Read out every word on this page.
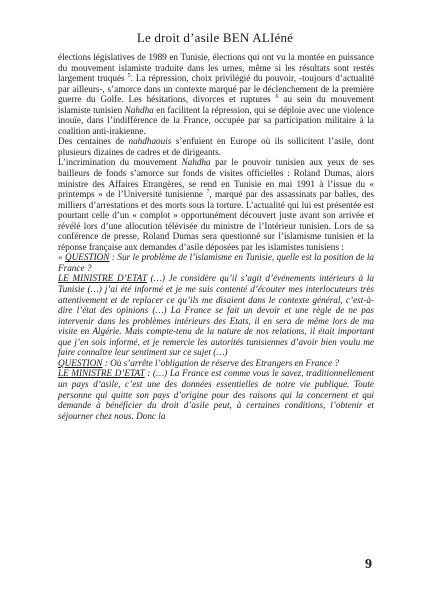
Le droit d’asile BEN ALIéné

élections législatives de 1989 en Tunisie, élections qui ont vu la montée en puissance du mouvement islamiste traduite dans les urnes, même si les résultats sont restés largement truqués $^5$. La répression, choix privilégié du pouvoir, -toujours d’actualité par ailleurs-, s’amorce dans un contexte marqué par le déclenchement de la première guerre du Golfe. Les hésitations, divorces et ruptures $^6$ au sein du mouvement islamiste tunisien Nahdha en facilitent la répression, qui se déploie avec une violence inouïe, dans l’indifférence de la France, occupée par sa participation militaire à la coalition anti-irakienne.

Des centaines de nahdhaouis s’enfuient en Europe où ils sollicitent l’asile, dont plusieurs dizaines de cadres et de dirigeants.

L’incrimination du mouvement Nahdha par le pouvoir tunisien aux yeux de ses bailleurs de fonds s’amorce sur fonds de visites officielles : Roland Dumas, alors ministre des Affaires Etrangères, se rend en Tunisie en mai 1991 à l’issue du « printemps » de l’Université tunisienne $^7$, marqué par des assassinats par balles, des milliers d’arrestations et des morts sous la torture. L’actualité qui lui est présentée est pourtant celle d’un « complot » opportunément découvert juste avant son arrivée et révélé lors d’une allocution télévisée du ministre de l’Intérieur tunisien. Lors de sa conférence de presse, Roland Dumas sera questionné sur l’islamisme tunisien et la réponse française aux demandes d’asile déposées par les islamistes tunisiens :

« QUESTION : Sur le problème de l’islamisme en Tunisie, quelle est la position de la France ?

LE MINISTRE D’ETAT (…) Je considère qu’il s’agit d’événements intérieurs à la Tunisie (…) j’ai été informé et je me suis contenté d’écouter mes interlocuteurs très attentivement et de replacer ce qu’ils me disaient dans le contexte général, c’est-à-dire l’état des opinions (…) La France se fait un devoir et une règle de ne pas intervenir dans les problèmes intérieurs des Etats, il en sera de même lors de ma visite en Algérie. Mais compte-tenu de la nature de nos relations, il était important que j’en sois informé, et je remercie les autorités tunisiennes d’avoir bien voulu me faire connaître leur sentiment sur ce sujet (…)

QUESTION : Où s’arrête l’obligation de réserve des Etrangers en France ?

LE MINISTRE D’ETAT : (…) La France est comme vous le savez, traditionnellement un pays d’asile, c’est une des données essentielles de notre vie publique. Toute personne qui quitte son pays d’origine pour des raisons qui la concernent et qui demande à bénéficier du droit d’asile peut, à certaines conditions, l’obtenir et séjourner chez nous. Donc la

9
